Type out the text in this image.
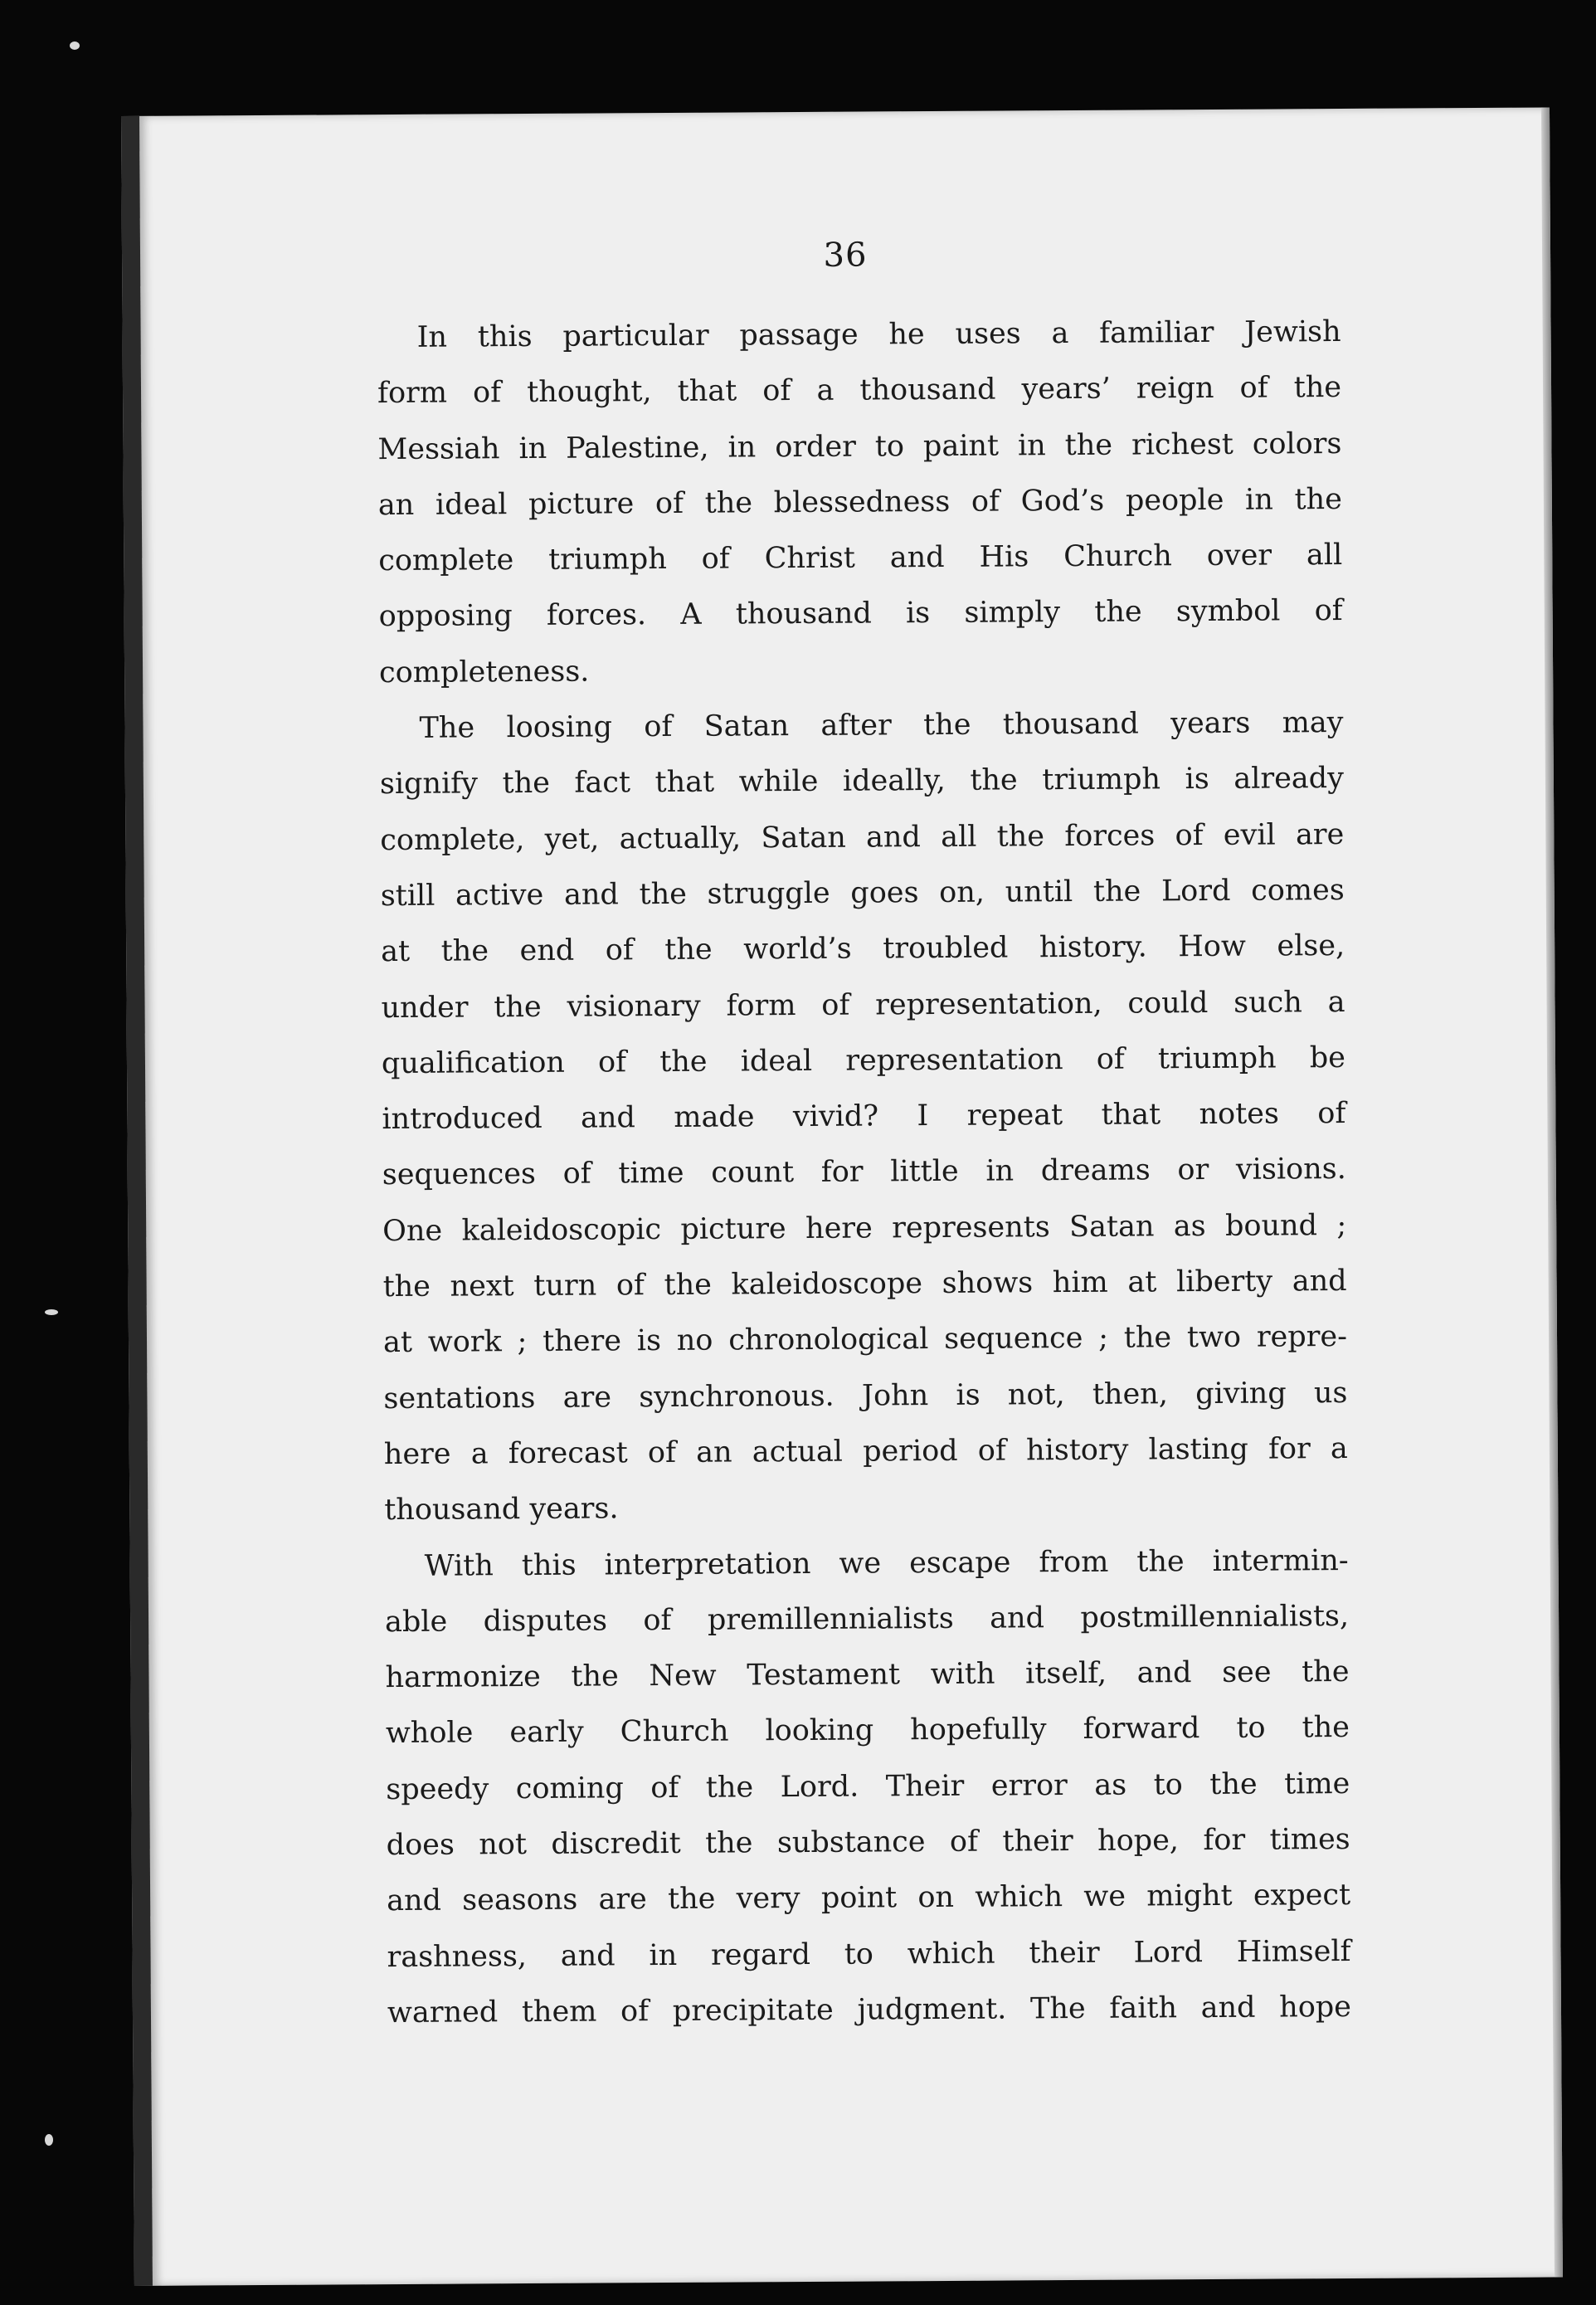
36
In this particular passage he uses a familiar Jewish
form of thought, that of a thousand years’ reign of the
Messiah in Palestine, in order to paint in the richest colors
an ideal picture of the blessedness of God’s people in the
complete triumph of Christ and His Church over all
opposing forces. A thousand is simply the symbol of
completeness.
The loosing of Satan after the thousand years may
signify the fact that while ideally, the triumph is already
complete, yet, actually, Satan and all the forces of evil are
still active and the struggle goes on, until the Lord comes
at the end of the world’s troubled history. How else,
under the visionary form of representation, could such a
qualification of the ideal representation of triumph be
introduced and made vivid? I repeat that notes of
sequences of time count for little in dreams or visions.
One kaleidoscopic picture here represents Satan as bound ;
the next turn of the kaleidoscope shows him at liberty and
at work ; there is no chronological sequence ; the two repre-
sentations are synchronous. John is not, then, giving us
here a forecast of an actual period of history lasting for a
thousand years.
With this interpretation we escape from the intermin-
able disputes of premillennialists and postmillennialists,
harmonize the New Testament with itself, and see the
whole early Church looking hopefully forward to the
speedy coming of the Lord. Their error as to the time
does not discredit the substance of their hope, for times
and seasons are the very point on which we might expect
rashness, and in regard to which their Lord Himself
warned them of precipitate judgment. The faith and hope
